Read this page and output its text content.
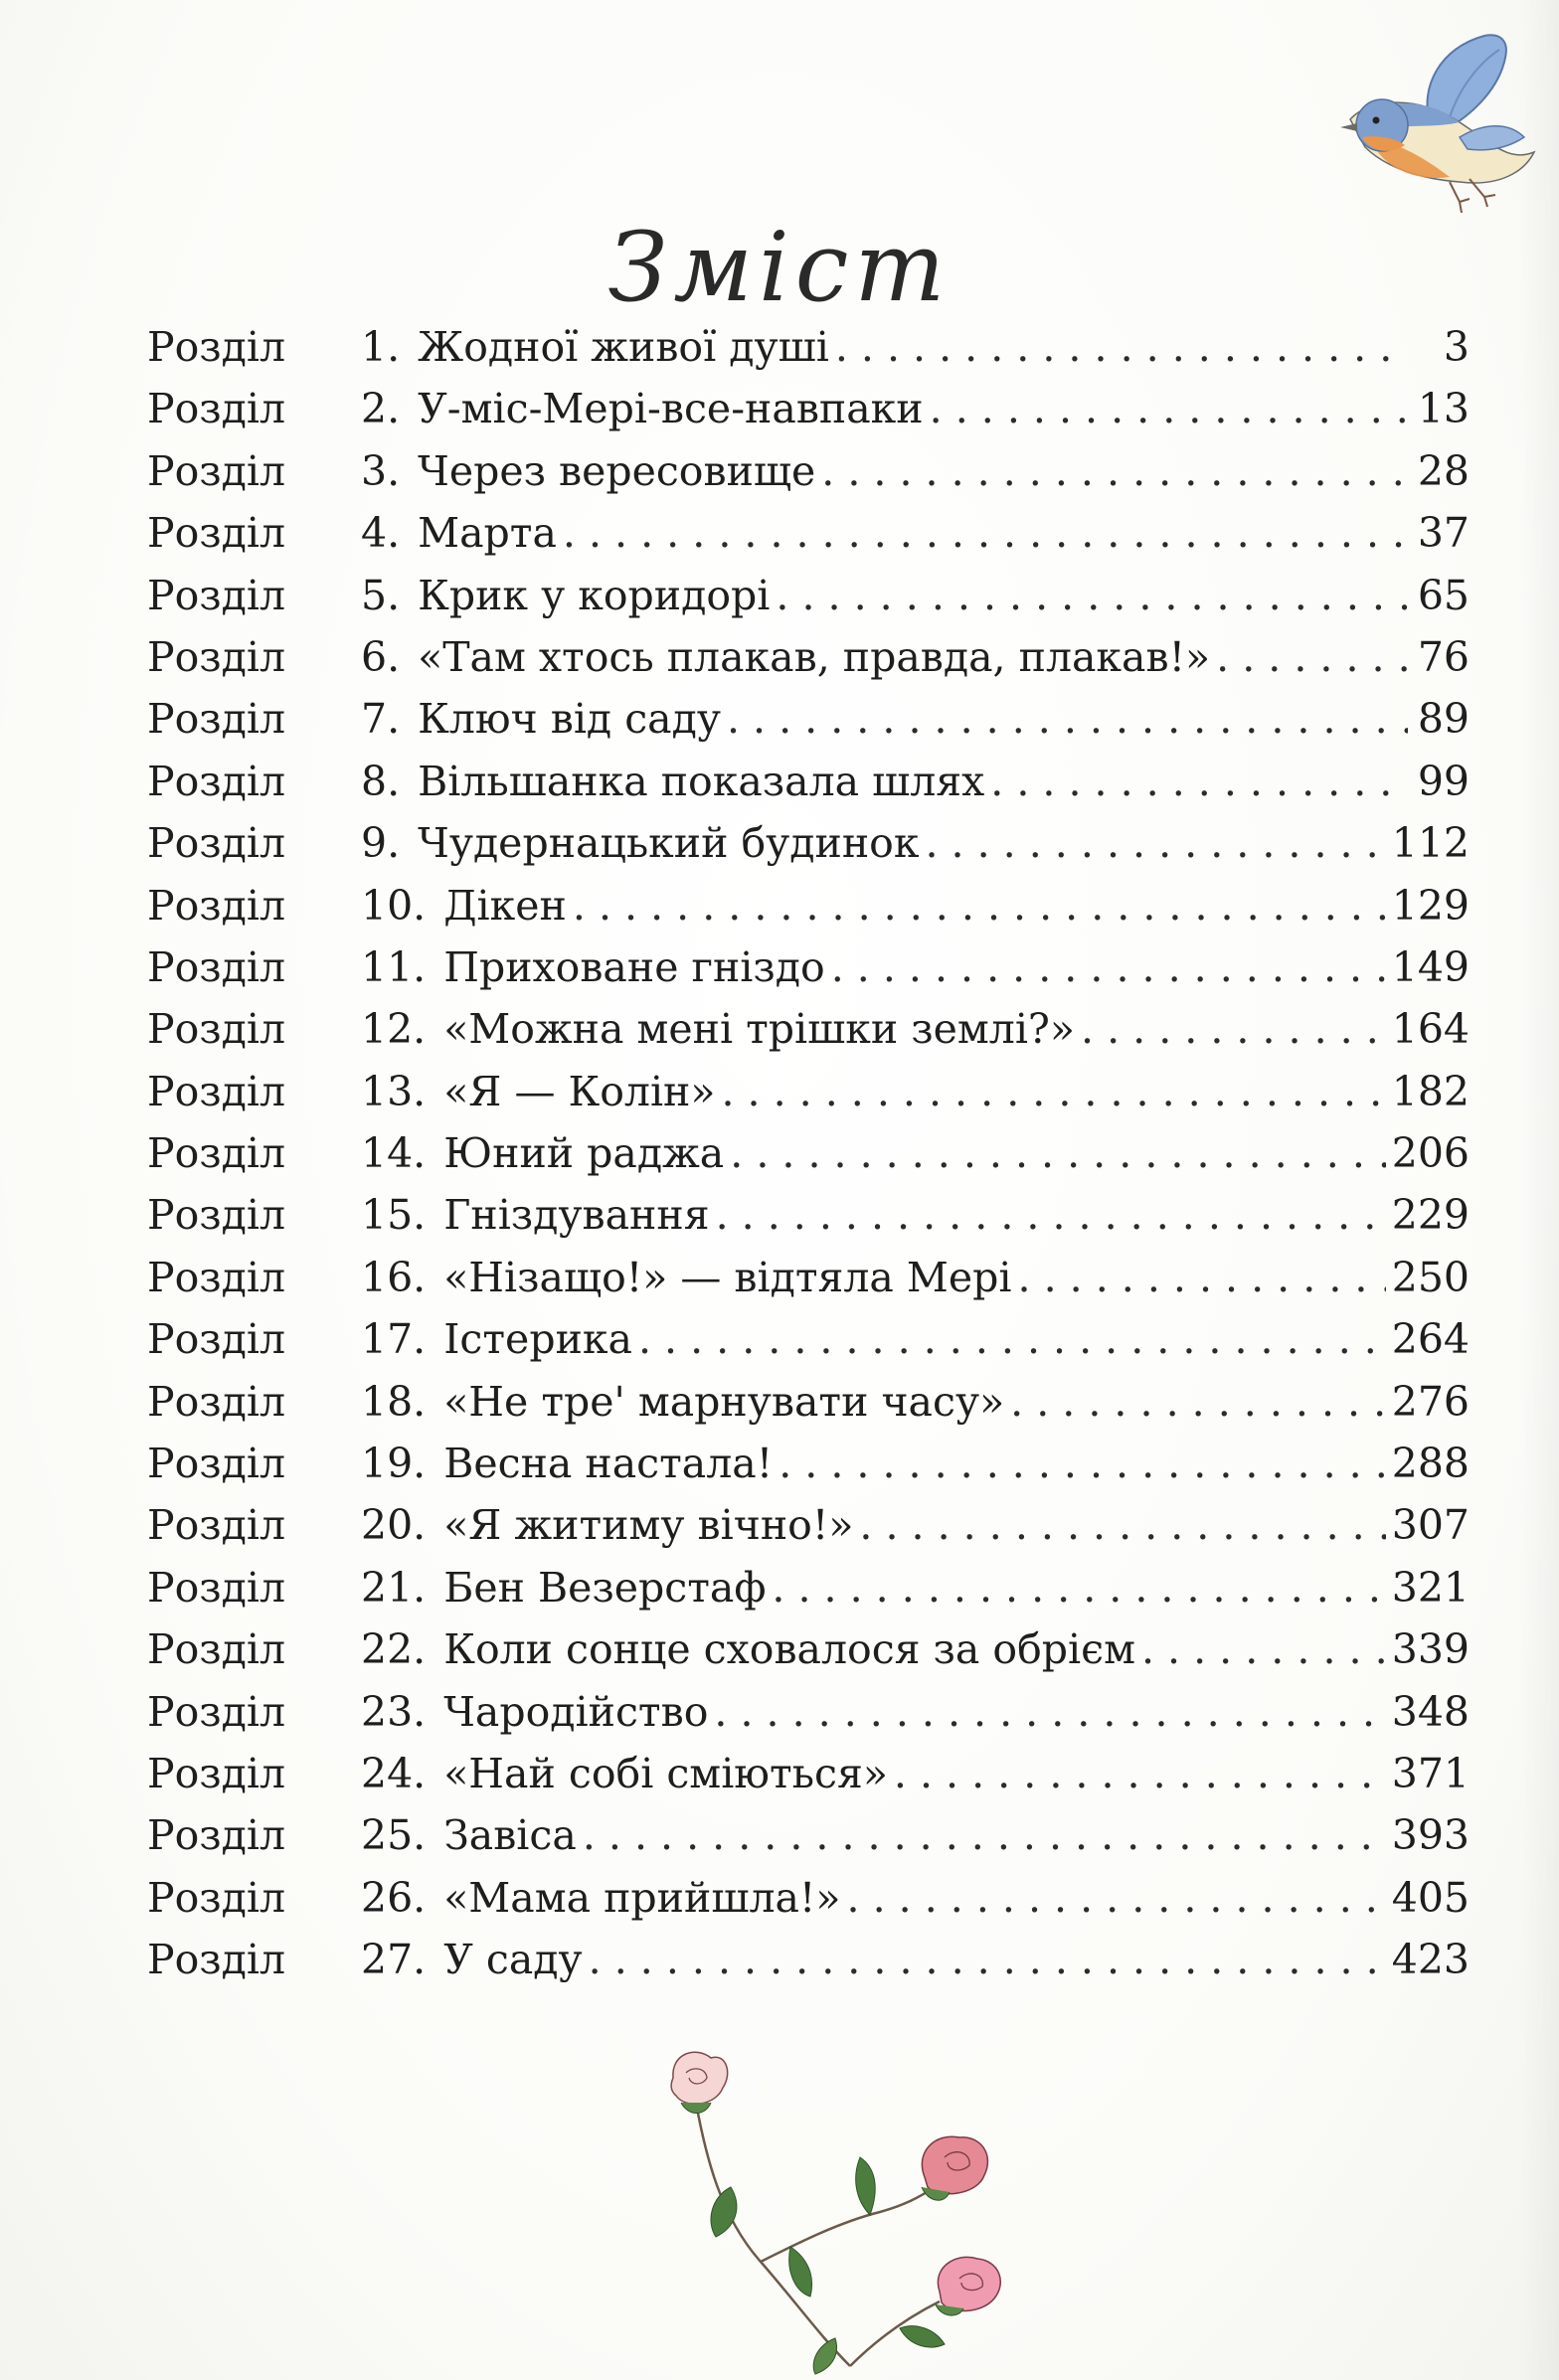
Зміст
Розділ	1. Жодної живої душі . . .	3
Розділ	2. У-міс-Мері-все-навпаки . . .	13
Розділ	3. Через вересовище . . .	28
Розділ	4. Марта . . .	37
Розділ	5. Крик у коридорі . . .	65
Розділ	6. «Там хтось плакав, правда, плакав!» . . .	76
Розділ	7. Ключ від саду . . .	89
Розділ	8. Вільшанка показала шлях . . .	99
Розділ	9. Чудернацький будинок . . .	112
Розділ	10. Дікен . . .	129
Розділ	11. Приховане гніздо . . .	149
Розділ	12. «Можна мені трішки землі?» . . .	164
Розділ	13. «Я — Колін» . . .	182
Розділ	14. Юний раджа . . .	206
Розділ	15. Гніздування . . .	229
Розділ	16. «Нізащо!» — відтяла Мері . . .	250
Розділ	17. Істерика . . .	264
Розділ	18. «Не тре' марнувати часу» . . .	276
Розділ	19. Весна настала! . . .	288
Розділ	20. «Я житиму вічно!» . . .	307
Розділ	21. Бен Везерстаф . . .	321
Розділ	22. Коли сонце сховалося за обрієм . . .	339
Розділ	23. Чародійство . . .	348
Розділ	24. «Най собі сміються» . . .	371
Розділ	25. Завіса . . .	393
Розділ	26. «Мама прийшла!» . . .	405
Розділ	27. У саду . . .	423
